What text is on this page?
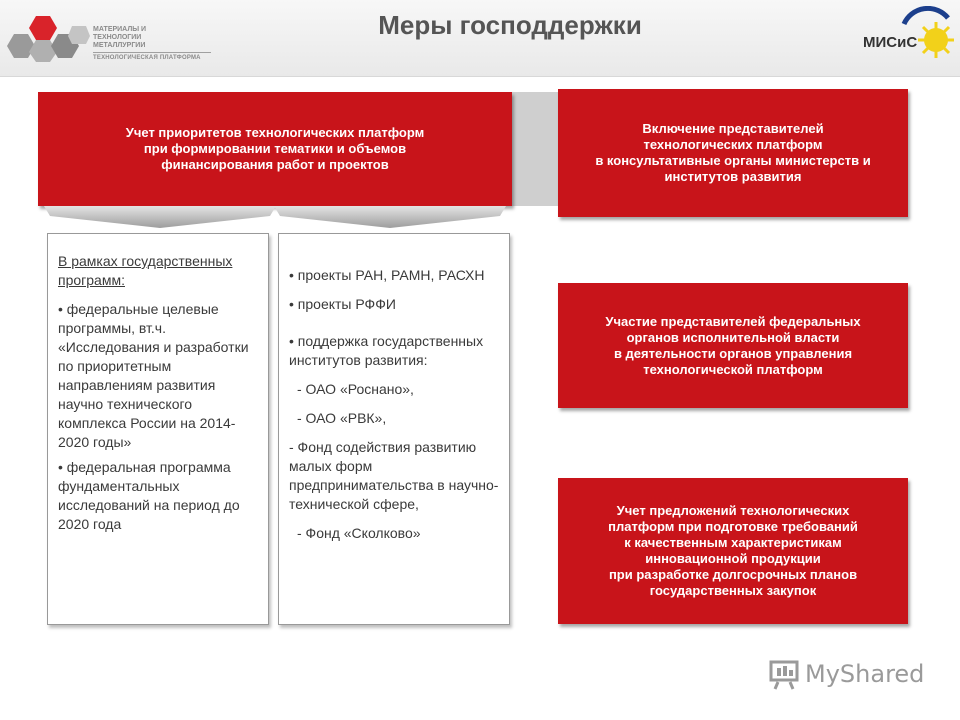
МАТЕРИАЛЫ И
ТЕХНОЛОГИИ
МЕТАЛЛУРГИИ
ТЕХНОЛОГИЧЕСКАЯ ПЛАТФОРМА
Меры господдержки
МИСиС
Учет приоритетов технологических платформ
при формировании тематики и объемов
финансирования работ и проектов

В рамках государственных программ:

• федеральные целевые программы, вт.ч. «Исследования и разработки по приоритетным направлениям развития научно технического комплекса России на 2014-2020 годы»

• федеральная программа фундаментальных исследований на период до 2020 года

• проекты РАН, РАМН, РАСХН

• проекты РФФИ

• поддержка государственных институтов развития:

- ОАО «Роснано»,

- ОАО «РВК»,

- Фонд содействия развитию малых форм предпринимательства в научно-технической сфере,

- Фонд «Сколково»

Включение представителей
технологических платформ
в консультативные органы министерств и
институтов развития
Участие представителей федеральных
органов исполнительной власти
в деятельности органов управления
технологической платформ
Учет предложений технологических
платформ при подготовке требований
к качественным характеристикам
инновационной продукции
при разработке долгосрочных планов
государственных закупок
MyShared
